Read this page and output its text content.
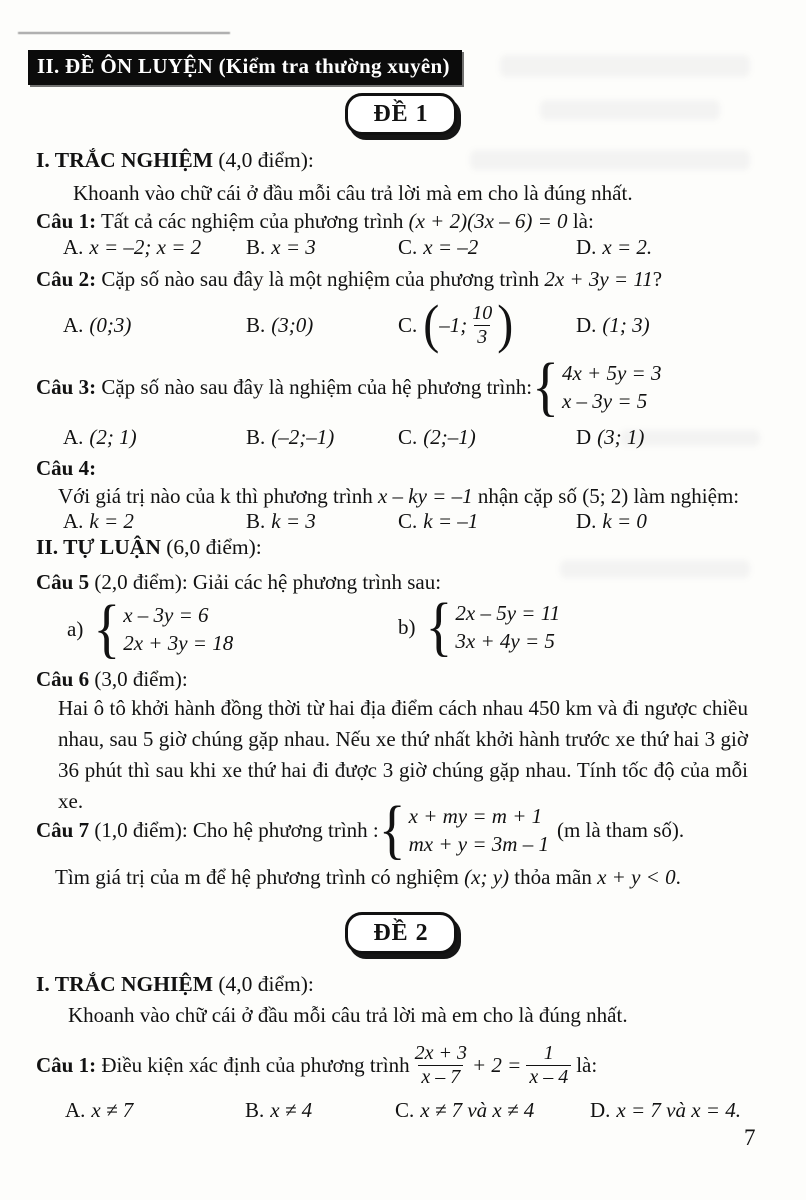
II. ĐỀ ÔN LUYỆN (Kiểm tra thường xuyên)
ĐỀ 1
I. TRẮC NGHIỆM (4,0 điểm):
Khoanh vào chữ cái ở đầu mỗi câu trả lời mà em cho là đúng nhất.
Câu 1: Tất cả các nghiệm của phương trình (x + 2)(3x – 6) = 0 là:
A. x = –2; x = 2	B. x = 3	C. x = –2	D. x = 2.
Câu 2: Cặp số nào sau đây là một nghiệm của phương trình 2x + 3y = 11?
A. (0;3)	B. (3;0)	C. ( –1; $\frac{10}{3}$ )	D. (1; 3)
Câu 3: Cặp số nào sau đây là nghiệm của hệ phương trình: { 4x + 5y = 3
x – 3y = 5
A. (2; 1)	B. (–2;–1)	C. (2;–1)	D (3; 1)
Câu 4:
Với giá trị nào của k thì phương trình x – ky = –1 nhận cặp số (5; 2) làm nghiệm:
A. k = 2	B. k = 3	C. k = –1	D. k = 0
II. TỰ LUẬN (6,0 điểm):
Câu 5 (2,0 điểm): Giải các hệ phương trình sau:
a) { x – 3y = 6
2x + 3y = 18
b) { 2x – 5y = 11
3x + 4y = 5
Câu 6 (3,0 điểm):
Hai ô tô khởi hành đồng thời từ hai địa điểm cách nhau 450 km và đi ngược chiều nhau, sau 5 giờ chúng gặp nhau. Nếu xe thứ nhất khởi hành trước xe thứ hai 3 giờ 36 phút thì sau khi xe thứ hai đi được 3 giờ chúng gặp nhau. Tính tốc độ của mỗi xe.
Câu 7 (1,0 điểm): Cho hệ phương trình : { x + my = m + 1
mx + y = 3m – 1
(m là tham số).
Tìm giá trị của m để hệ phương trình có nghiệm (x; y) thỏa mãn x + y < 0.
ĐỀ 2
I. TRẮC NGHIỆM (4,0 điểm):
Khoanh vào chữ cái ở đầu mỗi câu trả lời mà em cho là đúng nhất.
Câu 1: Điều kiện xác định của phương trình $\frac{2x + 3}{x - 7} + 2 = \frac{1}{x - 4}$ là:
A. x ≠ 7	B. x ≠ 4	C. x ≠ 7 và x ≠ 4	D. x = 7 và x = 4.
7
